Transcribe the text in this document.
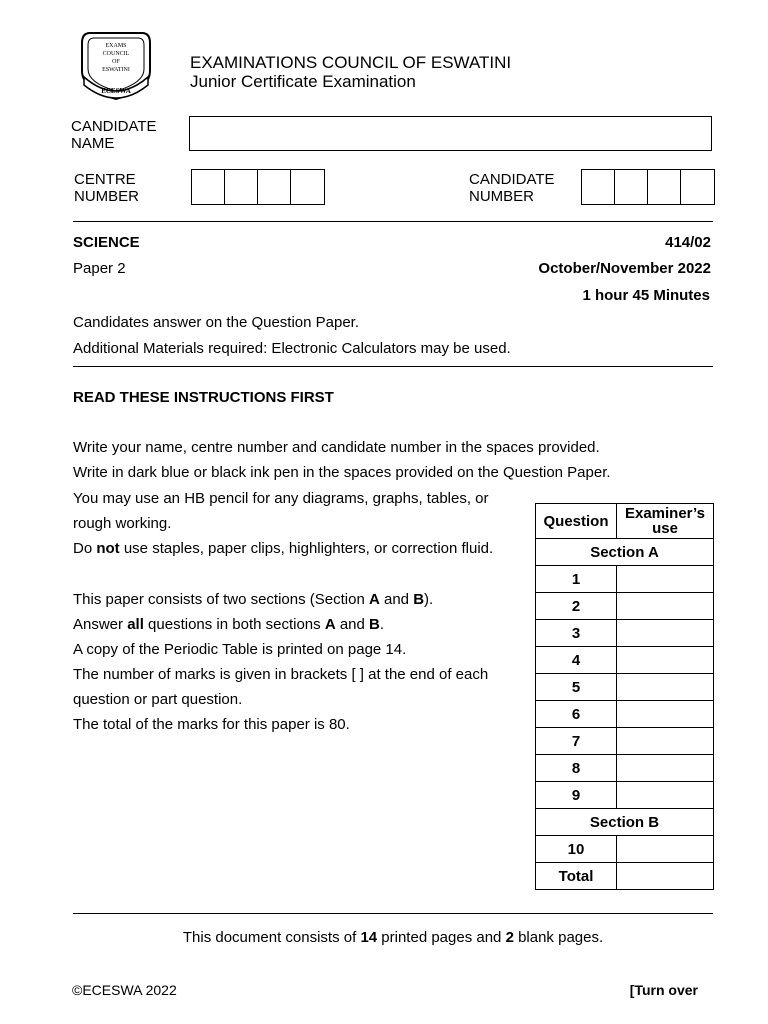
EXAMS
COUNCIL
OF
ESWATINI
ECESWA
EXAMINATIONS COUNCIL OF ESWATINI
Junior Certificate Examination
CANDIDATE
NAME
CENTRE
NUMBER
CANDIDATE
NUMBER
SCIENCE	414/02
Paper 2	October/November 2022
1 hour 45 Minutes
Candidates answer on the Question Paper.
Additional Materials required: Electronic Calculators may be used.
READ THESE INSTRUCTIONS FIRST
Write your name, centre number and candidate number in the spaces provided.
Write in dark blue or black ink pen in the spaces provided on the Question Paper.
You may use an HB pencil for any diagrams, graphs, tables, or
rough working.
Do not use staples, paper clips, highlighters, or correction fluid.
This paper consists of two sections (Section A and B).
Answer all questions in both sections A and B.
A copy of the Periodic Table is printed on page 14.
The number of marks is given in brackets [ ] at the end of each
question or part question.
The total of the marks for this paper is 80.
Question	Examiner’s
use
Section A	
1	
2	
3	
4	
5	
6	
7	
8	
9	
Section B	
10	
Total	
This document consists of 14 printed pages and 2 blank pages.
©ECESWA 2022	[Turn over
